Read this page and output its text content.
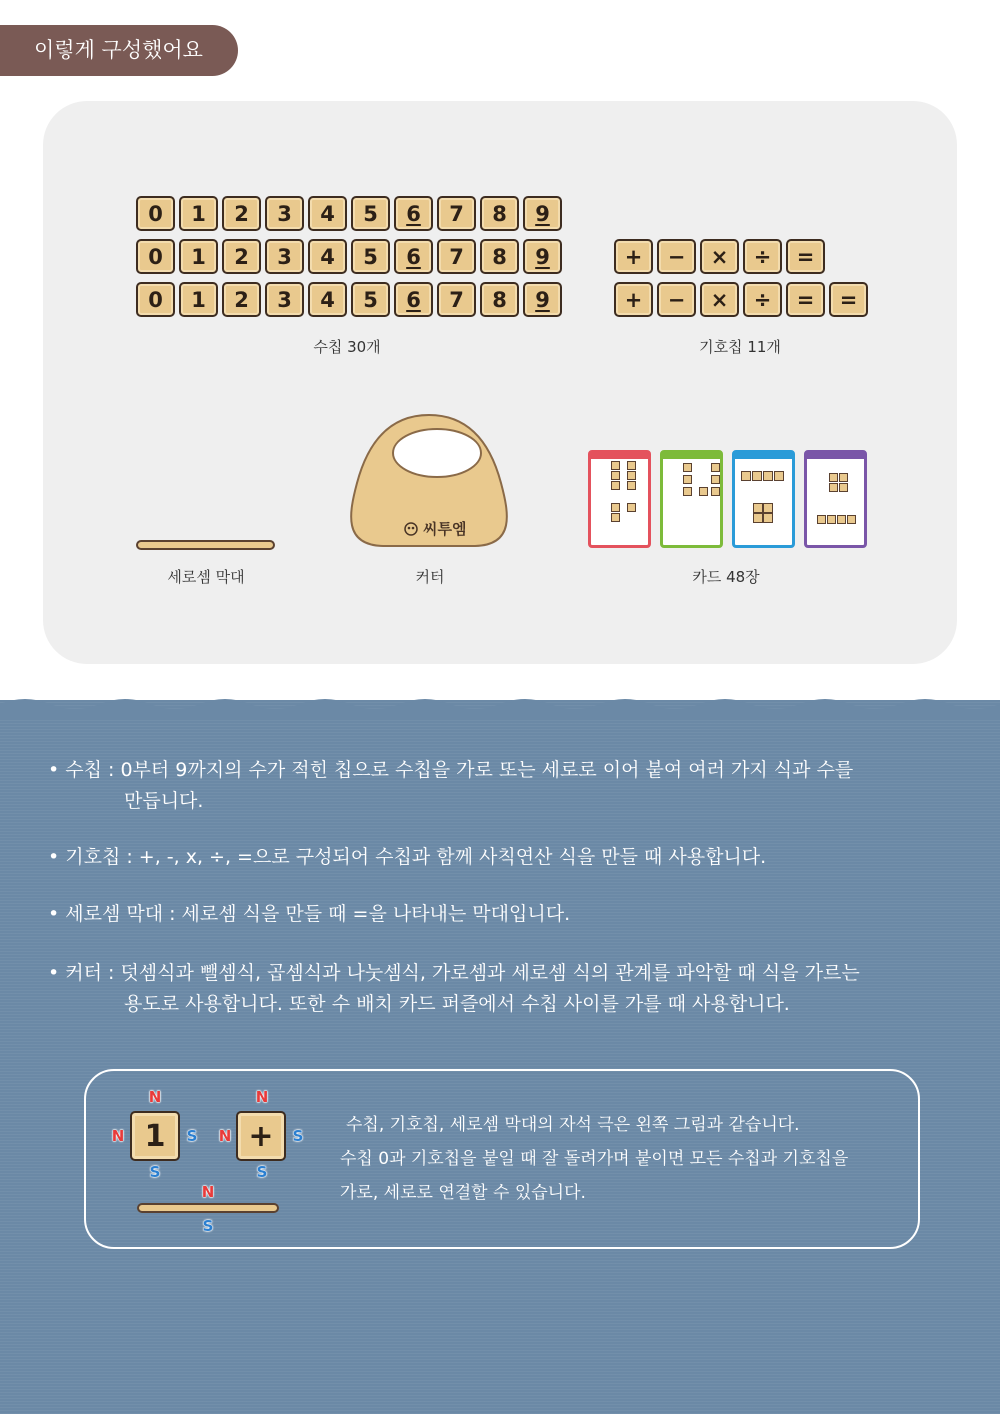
이렇게 구성했어요
0 1 2 3 4 5 6 7 8 9
0 1 2 3 4 5 6 7 8 9
0 1 2 3 4 5 6 7 8 9
수칩 30개
+ − × ÷ =
+ − × ÷ = =
기호칩 11개
세로셈 막대
씨투엠
커터	카드 48장
• 수칩 : 0부터 9까지의 수가 적힌 칩으로 수칩을 가로 또는 세로로 이어 붙여 여러 가지 식과 수를
만듭니다.
• 기호칩 : +, -, x, ÷, =으로 구성되어 수칩과 함께 사칙연산 식을 만들 때 사용합니다.
• 세로셈 막대 : 세로셈 식을 만들 때 =을 나타내는 막대입니다.
• 커터 : 덧셈식과 뺄셈식, 곱셈식과 나눗셈식, 가로셈과 세로셈 식의 관계를 파악할 때 식을 가르는
용도로 사용합니다. 또한 수 배치 카드 퍼즐에서 수칩 사이를 가를 때 사용합니다.
1	+
N
N	S
S
N
N	S
S
N
S
수칩, 기호칩, 세로셈 막대의 자석 극은 왼쪽 그림과 같습니다.
수칩 0과 기호칩을 붙일 때 잘 돌려가며 붙이면 모든 수칩과 기호칩을
가로, 세로로 연결할 수 있습니다.
